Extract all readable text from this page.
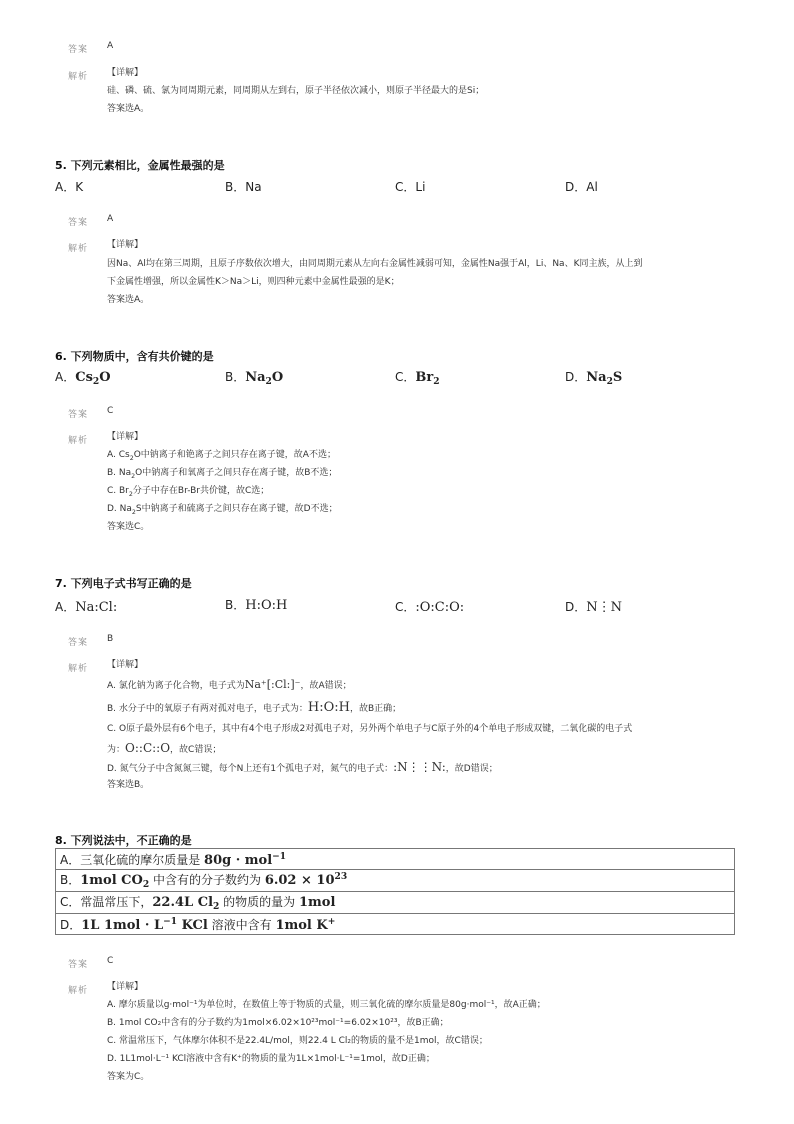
答案 A
解析 【详解】
硅、磷、硫、氯为同周期元素，同周期从左到右，原子半径依次减小，则原子半径最大的是Si；
答案选A。
5. 下列元素相比，金属性最强的是
A．K	B．Na	C．Li	D．Al
答案 A
解析 【详解】
因Na、Al均在第三周期，且原子序数依次增大，由同周期元素从左向右金属性减弱可知，金属性Na强于Al，Li、Na、K同主族，从上到
下金属性增强，所以金属性K＞Na＞Li，则四种元素中金属性最强的是K；
答案选A。
6. 下列物质中，含有共价键的是
A．$Cs_2O$	B．$Na_2O$	C．$Br_2$	D．$Na_2S$
答案 C
解析 【详解】
A. $Cs_2O$中钠离子和铯离子之间只存在离子键，故A不选；
B. $Na_2O$中钠离子和氧离子之间只存在离子键，故B不选；
C. $Br_2$分子中存在Br-Br共价键，故C选；
D. $Na_2S$中钠离子和硫离子之间只存在离子键，故D不选；
答案选C。
7. 下列电子式书写正确的是
A．Na:Cl:	B．H:O:H	C．:O:C:O:	D．N⋮N
答案 B
解析 【详解】
A. 氯化钠为离子化合物，电子式为Na⁺[:Cl:]⁻，故A错误；
B. 水分子中的氧原子有两对孤对电子，电子式为：H:O:H，故B正确；
C. O原子最外层有6个电子，其中有4个电子形成2对孤电子对，另外两个单电子与C原子外的4个单电子形成双键，二氧化碳的电子式
为：O::C::O，故C错误；
D. 氮气分子中含氮氮三键，每个N上还有1个孤电子对，氮气的电子式：:N⋮⋮N:，故D错误；
答案选B。
8. 下列说法中，不正确的是
A．三氧化硫的摩尔质量是 80g · mol$^{-1}$
B．1mol $CO_2$ 中含有的分子数约为 $6.02 \times 10^{23}$
C．常温常压下，22.4L $Cl_2$ 的物质的量为 1mol
D．1L $1mol \cdot L^{-1}$ KCl 溶液中含有 1mol K+
答案 C
解析 【详解】
A. 摩尔质量以g·mol⁻¹为单位时，在数值上等于物质的式量，则三氧化硫的摩尔质量是80g·mol⁻¹，故A正确；
B. 1mol CO₂中含有的分子数约为1mol×6.02×10²³mol⁻¹=6.02×10²³，故B正确；
C. 常温常压下，气体摩尔体积不是22.4L/mol，则22.4 L Cl₂的物质的量不是1mol，故C错误；
D. 1L1mol·L⁻¹ KCl溶液中含有K⁺的物质的量为1L×1mol·L⁻¹=1mol，故D正确；
答案为C。
